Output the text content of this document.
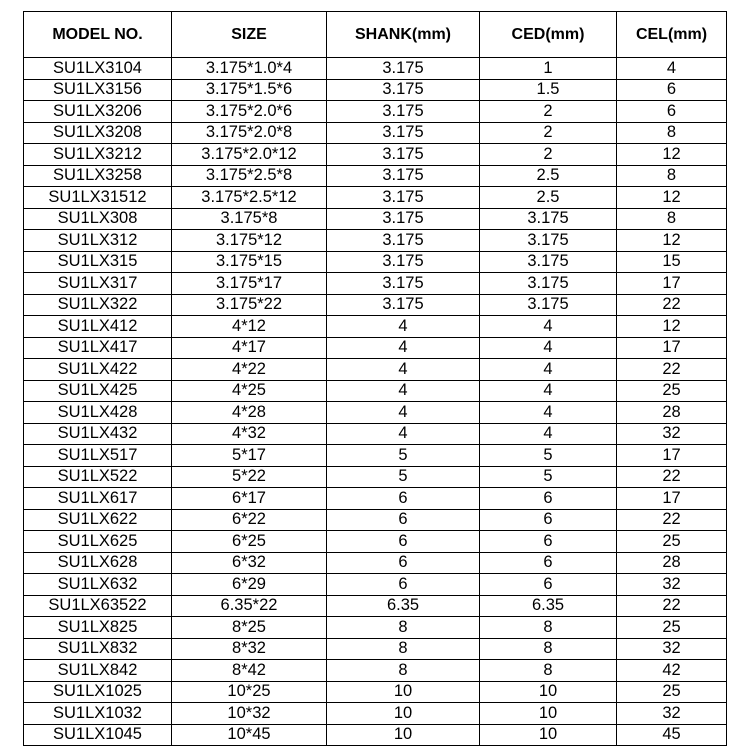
MODEL NO.	SIZE	SHANK(mm)	CED(mm)	CEL(mm)
SU1LX3104	3.175*1.0*4	3.175	1	4
SU1LX3156	3.175*1.5*6	3.175	1.5	6
SU1LX3206	3.175*2.0*6	3.175	2	6
SU1LX3208	3.175*2.0*8	3.175	2	8
SU1LX3212	3.175*2.0*12	3.175	2	12
SU1LX3258	3.175*2.5*8	3.175	2.5	8
SU1LX31512	3.175*2.5*12	3.175	2.5	12
SU1LX308	3.175*8	3.175	3.175	8
SU1LX312	3.175*12	3.175	3.175	12
SU1LX315	3.175*15	3.175	3.175	15
SU1LX317	3.175*17	3.175	3.175	17
SU1LX322	3.175*22	3.175	3.175	22
SU1LX412	4*12	4	4	12
SU1LX417	4*17	4	4	17
SU1LX422	4*22	4	4	22
SU1LX425	4*25	4	4	25
SU1LX428	4*28	4	4	28
SU1LX432	4*32	4	4	32
SU1LX517	5*17	5	5	17
SU1LX522	5*22	5	5	22
SU1LX617	6*17	6	6	17
SU1LX622	6*22	6	6	22
SU1LX625	6*25	6	6	25
SU1LX628	6*32	6	6	28
SU1LX632	6*29	6	6	32
SU1LX63522	6.35*22	6.35	6.35	22
SU1LX825	8*25	8	8	25
SU1LX832	8*32	8	8	32
SU1LX842	8*42	8	8	42
SU1LX1025	10*25	10	10	25
SU1LX1032	10*32	10	10	32
SU1LX1045	10*45	10	10	45
